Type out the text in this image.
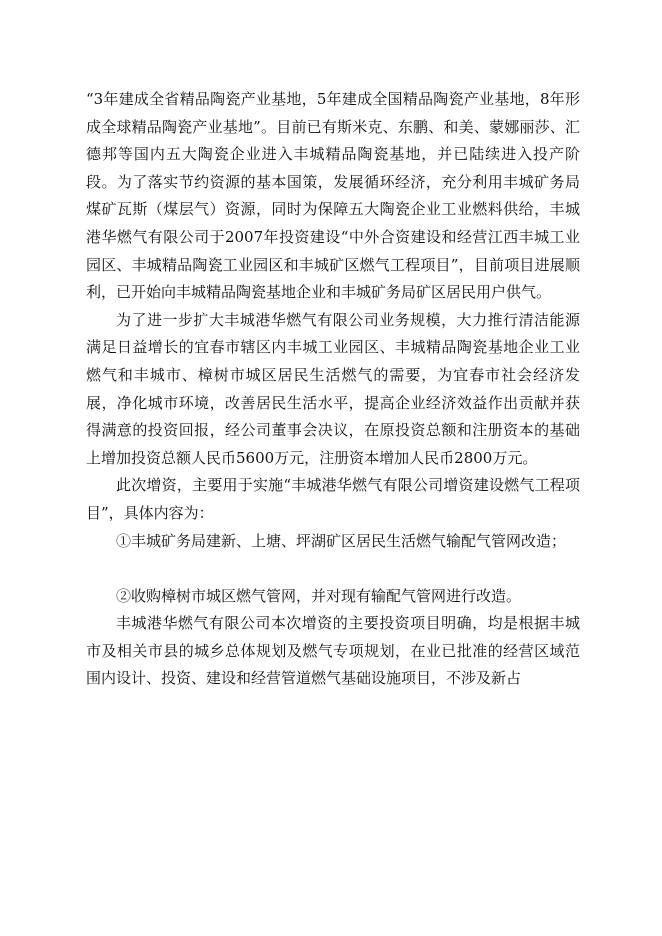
“3年建成全省精品陶瓷产业基地，5年建成全国精品陶瓷产业基地，8年形成全球精品陶瓷产业基地”。目前已有斯米克、东鹏、和美、蒙娜丽莎、汇德邦等国内五大陶瓷企业进入丰城精品陶瓷基地，并已陆续进入投产阶段。为了落实节约资源的基本国策，发展循环经济，充分利用丰城矿务局煤矿瓦斯（煤层气）资源，同时为保障五大陶瓷企业工业燃料供给，丰城港华燃气有限公司于2007年投资建设“中外合资建设和经营江西丰城工业园区、丰城精品陶瓷工业园区和丰城矿区燃气工程项目”，目前项目进展顺利，已开始向丰城精品陶瓷基地企业和丰城矿务局矿区居民用户供气。

为了进一步扩大丰城港华燃气有限公司业务规模，大力推行清洁能源满足日益增长的宜春市辖区内丰城工业园区、丰城精品陶瓷基地企业工业燃气和丰城市、樟树市城区居民生活燃气的需要，为宜春市社会经济发展，净化城市环境，改善居民生活水平，提高企业经济效益作出贡献并获得满意的投资回报，经公司董事会决议，在原投资总额和注册资本的基础上增加投资总额人民币5600万元，注册资本增加人民币2800万元。

此次增资，主要用于实施“丰城港华燃气有限公司增资建设燃气工程项目”，具体内容为：

①丰城矿务局建新、上塘、坪湖矿区居民生活燃气输配气管网改造；

②收购樟树市城区燃气管网，并对现有输配气管网进行改造。

丰城港华燃气有限公司本次增资的主要投资项目明确，均是根据丰城市及相关市县的城乡总体规划及燃气专项规划，在业已批准的经营区域范围内设计、投资、建设和经营管道燃气基础设施项目，不涉及新占
